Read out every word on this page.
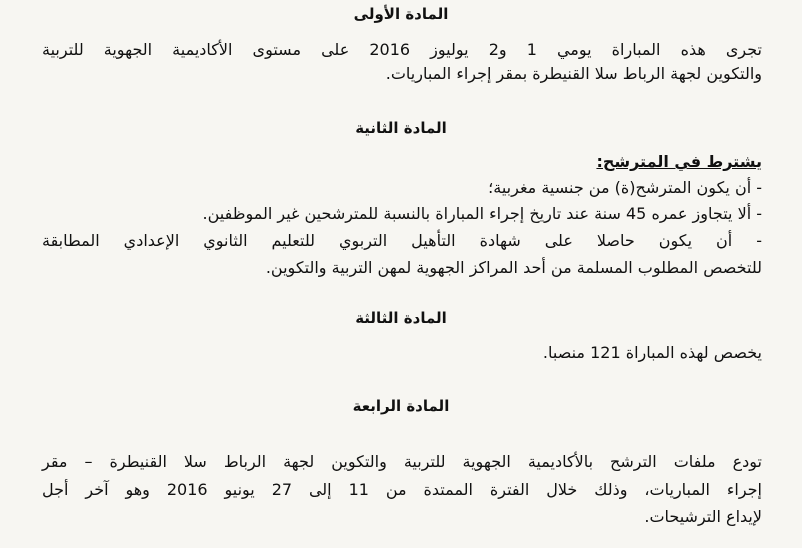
المادة الأولى

تجرى هذه المباراة يومي 1 و2 يوليوز 2016 على مستوى الأكاديمية الجهوية للتربية

والتكوين لجهة الرباط سلا القنيطرة بمقر إجراء المباريات.

المادة الثانية

يشترط في المترشح:

- أن يكون المترشح(ة) من جنسية مغربية؛

- ألا يتجاوز عمره 45 سنة عند تاريخ إجراء المباراة بالنسبة للمترشحين غير الموظفين.

- أن يكون حاصلا على شهادة التأهيل التربوي للتعليم الثانوي الإعدادي المطابقة

للتخصص المطلوب المسلمة من أحد المراكز الجهوية لمهن التربية والتكوين.

المادة الثالثة

يخصص لهذه المباراة 121 منصبا.

المادة الرابعة

تودع ملفات الترشح بالأكاديمية الجهوية للتربية والتكوين لجهة الرباط سلا القنيطرة – مقر

إجراء المباريات، وذلك خلال الفترة الممتدة من 11 إلى 27 يونيو 2016 وهو آخر أجل

لإيداع الترشيحات.
